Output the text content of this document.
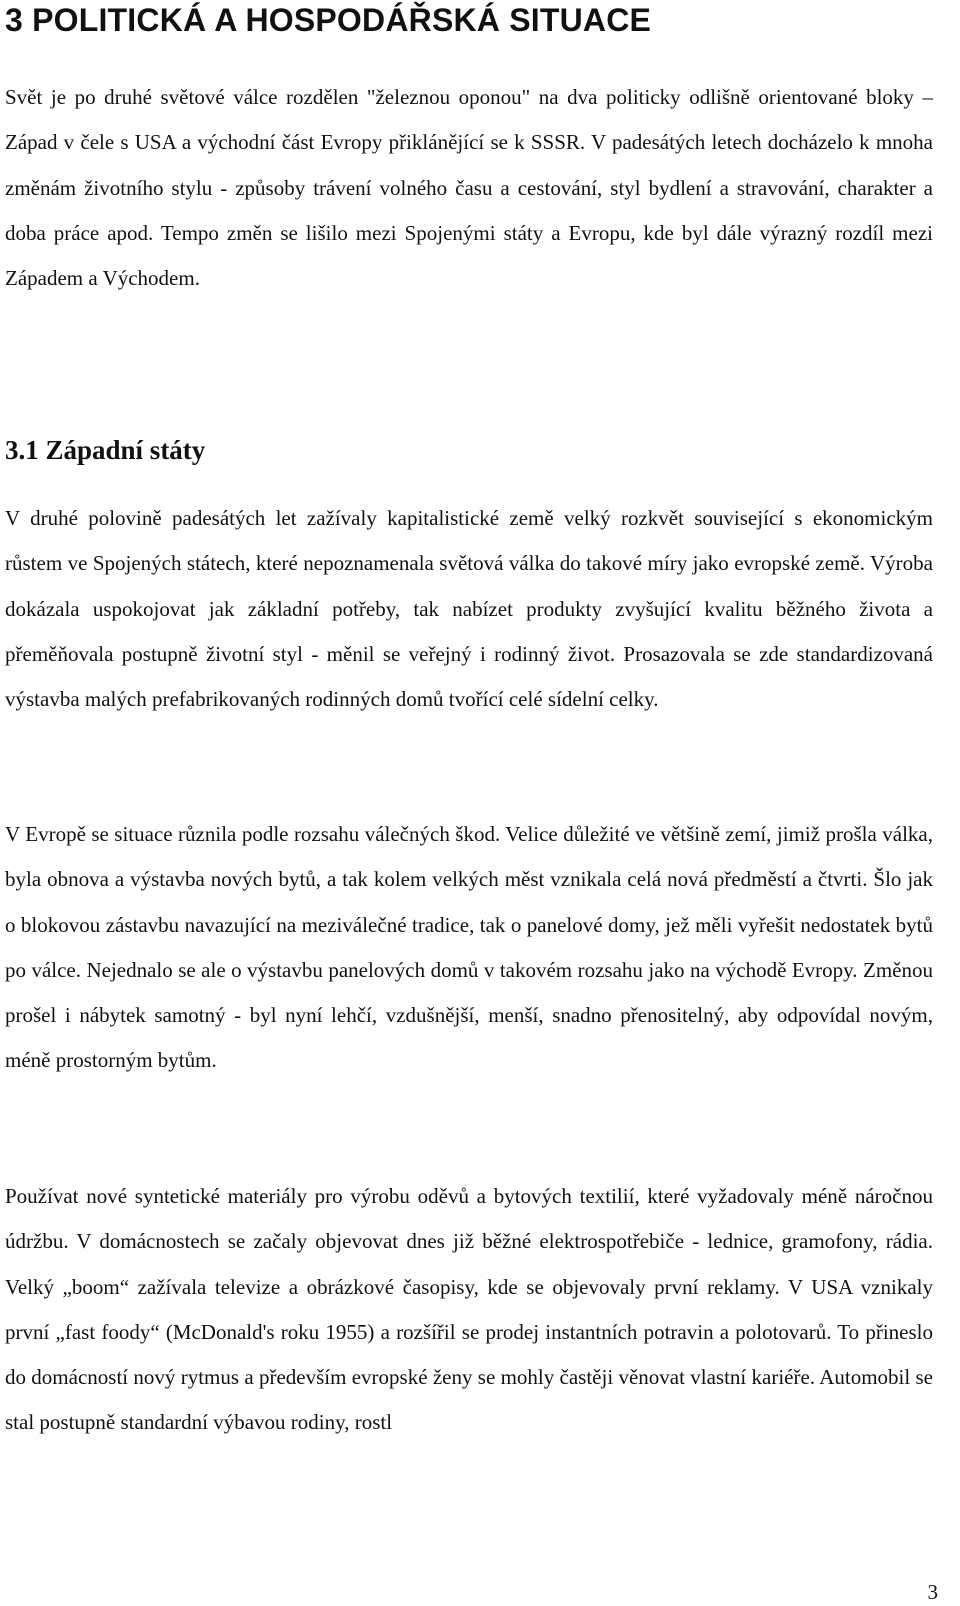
3 POLITICKÁ A HOSPODÁŘSKÁ SITUACE

Svět je po druhé světové válce rozdělen "železnou oponou" na dva politicky odlišně orientované bloky – Západ v čele s USA a východní část Evropy přiklánějící se k SSSR. V padesátých letech docházelo k mnoha změnám životního stylu - způsoby trávení volného času a cestování, styl bydlení a stravování, charakter a doba práce apod. Tempo změn se lišilo mezi Spojenými státy a Evropu, kde byl dále výrazný rozdíl mezi Západem a Východem.

3.1 Západní státy

V druhé polovině padesátých let zažívaly kapitalistické země velký rozkvět související s ekonomickým růstem ve Spojených státech, které nepoznamenala světová válka do takové míry jako evropské země. Výroba dokázala uspokojovat jak základní potřeby, tak nabízet produkty zvyšující kvalitu běžného života a přeměňovala postupně životní styl - měnil se veřejný i rodinný život. Prosazovala se zde standardizovaná výstavba malých prefabrikovaných rodinných domů tvořící celé sídelní celky.

V Evropě se situace různila podle rozsahu válečných škod. Velice důležité ve většině zemí, jimiž prošla válka, byla obnova a výstavba nových bytů, a tak kolem velkých měst vznikala celá nová předměstí a čtvrti. Šlo jak o blokovou zástavbu navazující na meziválečné tradice, tak o panelové domy, jež měli vyřešit nedostatek bytů po válce. Nejednalo se ale o výstavbu panelových domů v takovém rozsahu jako na východě Evropy. Změnou prošel i nábytek samotný - byl nyní lehčí, vzdušnější, menší, snadno přenositelný, aby odpovídal novým, méně prostorným bytům.

Používat nové syntetické materiály pro výrobu oděvů a bytových textilií, které vyžadovaly méně náročnou údržbu. V domácnostech se začaly objevovat dnes již běžné elektrospotřebiče - lednice, gramofony, rádia. Velký „boom“ zažívala televize a obrázkové časopisy, kde se objevovaly první reklamy. V USA vznikaly první „fast foody“ (McDonald's roku 1955) a rozšířil se prodej instantních potravin a polotovarů. To přineslo do domácností nový rytmus a především evropské ženy se mohly častěji věnovat vlastní kariéře. Automobil se stal postupně standardní výbavou rodiny, rostl

3
